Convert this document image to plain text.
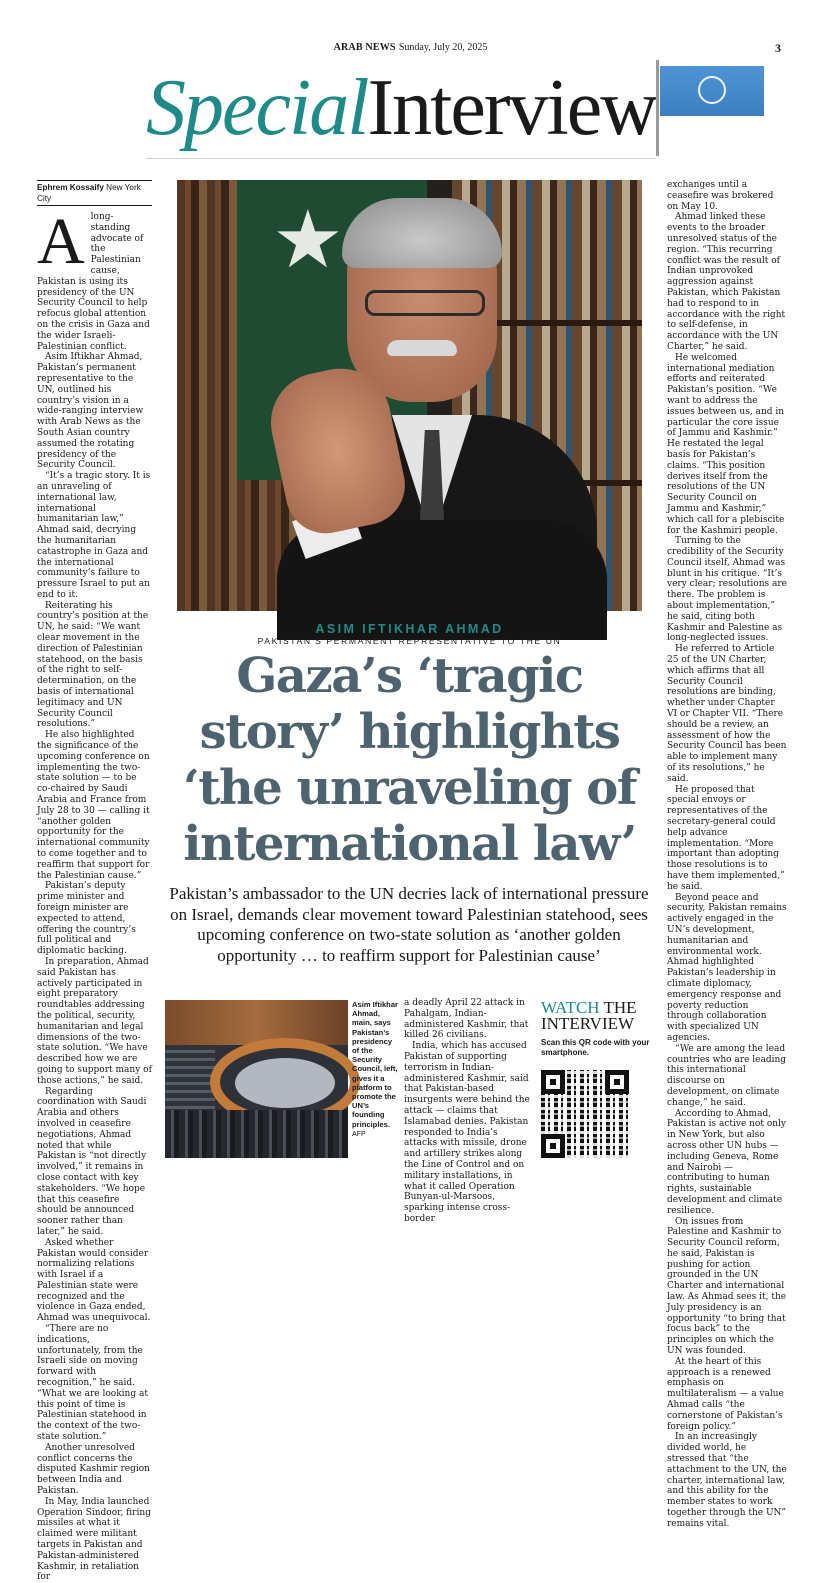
ARAB NEWS Sunday, July 20, 2025	3
SpecialInterview
Ephrem Kossaify New York City
A long-standing advocate of the Palestinian cause, Pakistan is using its presidency of the UN Security Council to help refocus global attention on the crisis in Gaza and the wider Israeli-Palestinian conflict.

Asim Iftikhar Ahmad, Pakistan’s permanent representative to the UN, outlined his country’s vision in a wide-ranging interview with Arab News as the South Asian country assumed the rotating presidency of the Security Council.

“It’s a tragic story. It is an unraveling of international law, international humanitarian law,” Ahmad said, decrying the humanitarian catastrophe in Gaza and the international community’s failure to pressure Israel to put an end to it.

Reiterating his country’s position at the UN, he said: “We want clear movement in the direction of Palestinian statehood, on the basis of the right to self-determination, on the basis of international legitimacy and UN Security Council resolutions.”

He also highlighted the significance of the upcoming conference on implementing the two-state solution — to be co-chaired by Saudi Arabia and France from July 28 to 30 — calling it “another golden opportunity for the international community to come together and to reaffirm that support for the Palestinian cause.”

Pakistan’s deputy prime minister and foreign minister are expected to attend, offering the country’s full political and diplomatic backing.

In preparation, Ahmad said Pakistan has actively participated in eight preparatory roundtables addressing the political, security, humanitarian and legal dimensions of the two-state solution. “We have described how we are going to support many of those actions,” he said.

Regarding coordination with Saudi Arabia and others involved in ceasefire negotiations, Ahmad noted that while Pakistan is “not directly involved,” it remains in close contact with key stakeholders. “We hope that this ceasefire should be announced sooner rather than later,” he said.

Asked whether Pakistan would consider normalizing relations with Israel if a Palestinian state were recognized and the violence in Gaza ended, Ahmad was unequivocal.

“There are no indications, unfortunately, from the Israeli side on moving forward with recognition,” he said. “What we are looking at this point of time is Palestinian statehood in the context of the two-state solution.”

Another unresolved conflict concerns the disputed Kashmir region between India and Pakistan.

In May, India launched Operation Sindoor, firing missiles at what it claimed were militant targets in Pakistan and Pakistan-administered Kashmir, in retaliation for

★
ASIM IFTIKHAR AHMAD
PAKISTAN’S PERMANENT REPRESENTATIVE TO THE UN
Gaza’s ‘tragic story’ highlights ‘the unraveling of international law’
Pakistan’s ambassador to the UN decries lack of international pressure on Israel, demands clear movement toward Palestinian statehood, sees upcoming conference on two-state solution as ‘another golden opportunity … to reaffirm support for Palestinian cause’
Asim Iftikhar Ahmad, main, says Pakistan’s presidency of the Security Council, left, gives it a platform to promote the UN’s founding principles.
AFP

a deadly April 22 attack in Pahalgam, Indian-administered Kashmir, that killed 26 civilians.

India, which has accused Pakistan of supporting terrorism in Indian-administered Kashmir, said that Pakistan-based insurgents were behind the attack — claims that Islamabad denies. Pakistan responded to India’s attacks with missile, drone and artillery strikes along the Line of Control and on military installations, in what it called Operation Bunyan-ul-Marsoos, sparking intense cross-border

WATCH THE INTERVIEW
Scan this QR code with your smartphone.

exchanges until a ceasefire was brokered on May 10.

Ahmad linked these events to the broader unresolved status of the region. “This recurring conflict was the result of Indian unprovoked aggression against Pakistan, which Pakistan had to respond to in accordance with the right to self-defense, in accordance with the UN Charter,” he said.

He welcomed international mediation efforts and reiterated Pakistan’s position. “We want to address the issues between us, and in particular the core issue of Jammu and Kashmir.” He restated the legal basis for Pakistan’s claims. “This position derives itself from the resolutions of the UN Security Council on Jammu and Kashmir,” which call for a plebiscite for the Kashmiri people.

Turning to the credibility of the Security Council itself, Ahmad was blunt in his critique. “It’s very clear; resolutions are there. The problem is about implementation,” he said, citing both Kashmir and Palestine as long-neglected issues.

He referred to Article 25 of the UN Charter, which affirms that all Security Council resolutions are binding, whether under Chapter VI or Chapter VII. “There should be a review, an assessment of how the Security Council has been able to implement many of its resolutions,” he said.

He proposed that special envoys or representatives of the secretary-general could help advance implementation. “More important than adopting those resolutions is to have them implemented,” he said.

Beyond peace and security, Pakistan remains actively engaged in the UN’s development, humanitarian and environmental work. Ahmad highlighted Pakistan’s leadership in climate diplomacy, emergency response and poverty reduction through collaboration with specialized UN agencies.

“We are among the lead countries who are leading this international discourse on development, on climate change,” he said.

According to Ahmad, Pakistan is active not only in New York, but also across other UN hubs — including Geneva, Rome and Nairobi — contributing to human rights, sustainable development and climate resilience.

On issues from Palestine and Kashmir to Security Council reform, he said, Pakistan is pushing for action grounded in the UN Charter and international law. As Ahmad sees it, the July presidency is an opportunity “to bring that focus back” to the principles on which the UN was founded.

At the heart of this approach is a renewed emphasis on multilateralism — a value Ahmad calls “the cornerstone of Pakistan’s foreign policy.”

In an increasingly divided world, he stressed that “the attachment to the UN, the charter, international law, and this ability for the member states to work together through the UN” remains vital.
